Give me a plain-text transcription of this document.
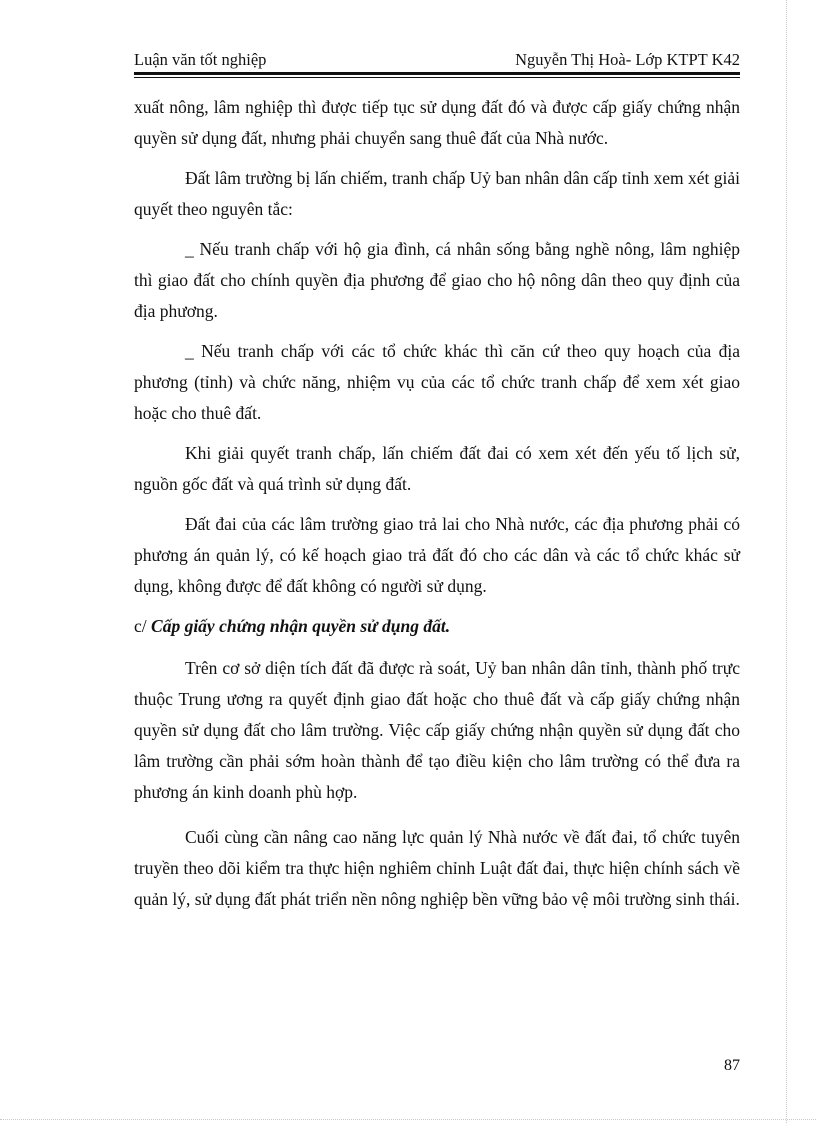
Luận văn tốt nghiệp	Nguyễn Thị Hoà- Lớp KTPT K42

xuất nông, lâm nghiệp thì được tiếp tục sử dụng đất đó và được cấp giấy chứng nhận quyền sử dụng đất, nhưng phải chuyển sang thuê đất của Nhà nước.

Đất lâm trường bị lấn chiếm, tranh chấp Uỷ ban nhân dân cấp tỉnh xem xét giải quyết theo nguyên tắc:

_ Nếu tranh chấp với hộ gia đình, cá nhân sống bằng nghề nông, lâm nghiệp thì giao đất cho chính quyền địa phương để giao cho hộ nông dân theo quy định của địa phương.

_ Nếu tranh chấp với các tổ chức khác thì căn cứ theo quy hoạch của địa phương (tỉnh) và chức năng, nhiệm vụ của các tổ chức tranh chấp để xem xét giao hoặc cho thuê đất.

Khi giải quyết tranh chấp, lấn chiếm đất đai có xem xét đến yếu tố lịch sử, nguồn gốc đất và quá trình sử dụng đất.

Đất đai của các lâm trường giao trả lai cho Nhà nước, các địa phương phải có phương án quản lý, có kế hoạch giao trả đất đó cho các dân và các tổ chức khác sử dụng, không được để đất không có người sử dụng.

c/ Cấp giấy chứng nhận quyền sử dụng đất.

Trên cơ sở diện tích đất đã được rà soát, Uỷ ban nhân dân tỉnh, thành phố trực thuộc Trung ương ra quyết định giao đất hoặc cho thuê đất và cấp giấy chứng nhận quyền sử dụng đất cho lâm trường. Việc cấp giấy chứng nhận quyền sử dụng đất cho lâm trường cần phải sớm hoàn thành để tạo điều kiện cho lâm trường có thể đưa ra phương án kinh doanh phù hợp.

Cuối cùng cần nâng cao năng lực quản lý Nhà nước về đất đai, tổ chức tuyên truyền theo dõi kiểm tra thực hiện nghiêm chỉnh Luật đất đai, thực hiện chính sách về quản lý, sử dụng đất phát triển nền nông nghiệp bền vững bảo vệ môi trường sinh thái.

87
